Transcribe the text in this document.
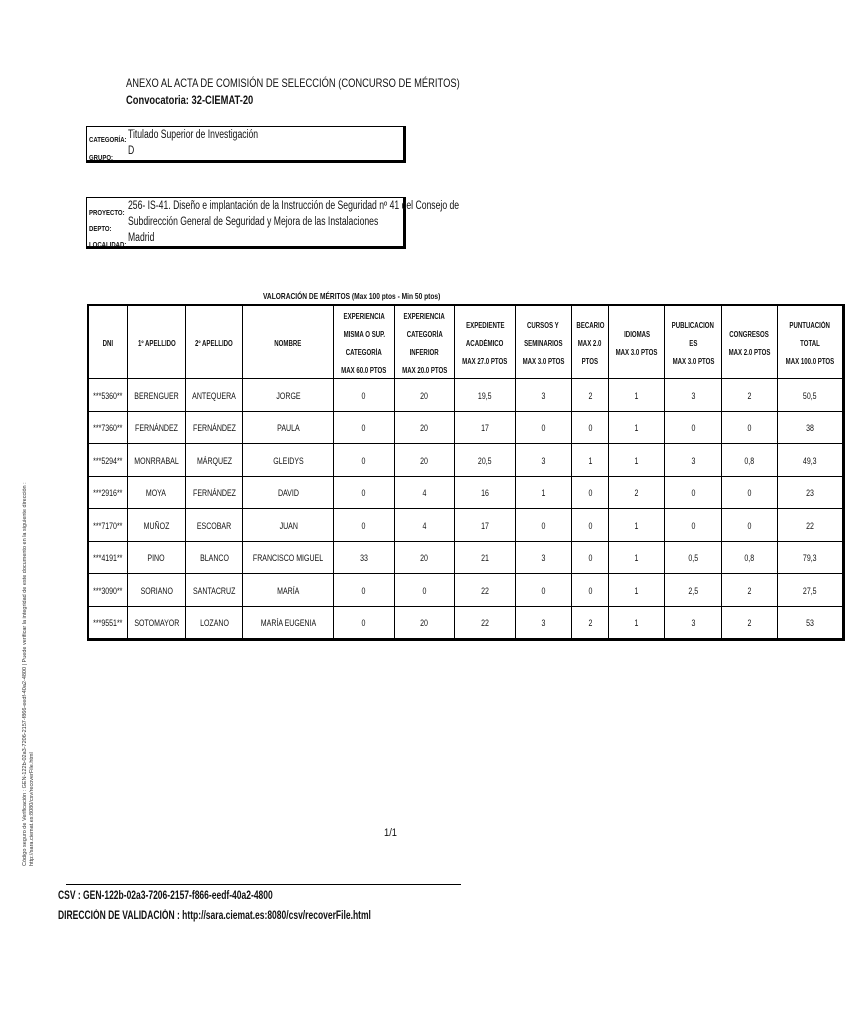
ANEXO AL ACTA DE COMISIÓN DE SELECCIÓN (CONCURSO DE MÉRITOS)
Convocatoria: 32-CIEMAT-20
CATEGORÍA: Titulado Superior de Investigación
GRUPO:
D
PROYECTO:
256- IS-41. Diseño e implantación de la Instrucción de Seguridad nº 41 del Consejo de
DEPTO:
Subdirección General de Seguridad y Mejora de las Instalaciones
LOCALIDAD:
Madrid
Código seguro de Verificación : GEN-122b-02a3-7206-2157-f866-eedf-40a2-4800 | Puede verificar la integridad de este documento en la siguiente dirección : http://sara.ciemat.es:8080/csv/recoverFile.html
VALORACIÓN DE MÉRITOS (Max 100 ptos - Min 50 ptos)
DNI	1º APELLIDO	2º APELLIDO	NOMBRE	EXPERIENCIA
MISMA O SUP.
CATEGORÍA
MAX 60.0 PTOS	EXPERIENCIA
CATEGORÍA
INFERIOR
MAX 20.0 PTOS	EXPEDIENTE
ACADÉMICO
MAX 27.0 PTOS	CURSOS Y
SEMINARIOS
MAX 3.0 PTOS	BECARIO
MAX 2.0
PTOS	IDIOMAS
MAX 3.0 PTOS	PUBLICACION
ES
MAX 3.0 PTOS	CONGRESOS
MAX 2.0 PTOS	PUNTUACIÓN
TOTAL
MAX 100.0 PTOS
***5360**	BERENGUER	ANTEQUERA	JORGE	0	20	19,5	3	2	1	3	2	50,5
***7360**	FERNÁNDEZ	FERNÁNDEZ	PAULA	0	20	17	0	0	1	0	0	38
***5294**	MONRRABAL	MÁRQUEZ	GLEIDYS	0	20	20,5	3	1	1	3	0,8	49,3
***2916**	MOYA	FERNÁNDEZ	DAVID	0	4	16	1	0	2	0	0	23
***7170**	MUÑOZ	ESCOBAR	JUAN	0	4	17	0	0	1	0	0	22
***4191**	PINO	BLANCO	FRANCISCO MIGUEL	33	20	21	3	0	1	0,5	0,8	79,3
***3090**	SORIANO	SANTACRUZ	MARÍA	0	0	22	0	0	1	2,5	2	27,5
***9551**	SOTOMAYOR	LOZANO	MARÍA EUGENIA	0	20	22	3	2	1	3	2	53
1/1
CSV : GEN-122b-02a3-7206-2157-f866-eedf-40a2-4800
DIRECCIÓN DE VALIDACIÓN : http://sara.ciemat.es:8080/csv/recoverFile.html
